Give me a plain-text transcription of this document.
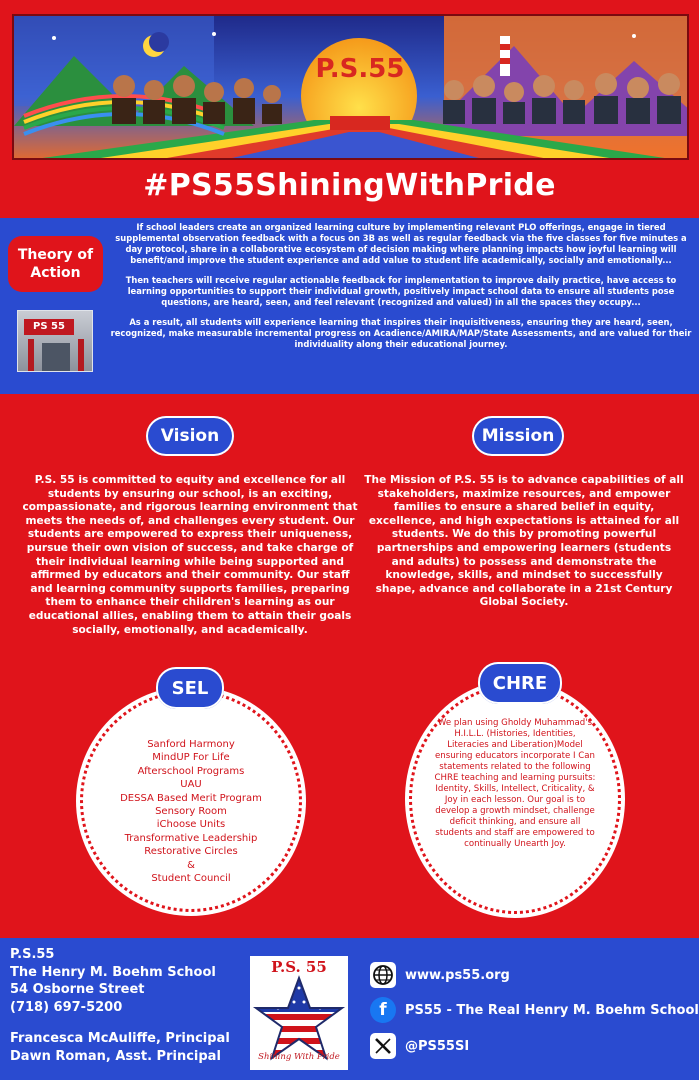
P.S.55
#PS55ShiningWithPride
Theory of Action
PS 55

If school leaders create an organized learning culture by implementing relevant PLO offerings, engage in tiered supplemental observation feedback with a focus on 3B as well as regular feedback via the five classes for five minutes a day protocol, share in a collaborative ecosystem of decision making where planning impacts how joyful learning will benefit/and improve the student experience and add value to student life academically, socially and emotionally...

Then teachers will receive regular actionable feedback for implementation to improve daily practice, have access to learning opportunities to support their individual growth, positively impact school data to ensure all students pose questions, are heard, seen, and feel relevant (recognized and valued) in all the spaces they occupy...

As a result, all students will experience learning that inspires their inquisitiveness, ensuring they are heard, seen, recognized, make measurable incremental progress on Acadience/AMIRA/MAP/State Assessments, and are valued for their individuality along their educational journey.

Vision	Mission
P.S. 55 is committed to equity and excellence for all students by ensuring our school, is an exciting, compassionate, and rigorous learning environment that meets the needs of, and challenges every student. Our students are empowered to express their uniqueness, pursue their own vision of success, and take charge of their individual learning while being supported and affirmed by educators and their community. Our staff and learning community supports families, preparing them to enhance their children's learning as our educational allies, enabling them to attain their goals socially, emotionally, and academically.
The Mission of P.S. 55 is to advance capabilities of all stakeholders, maximize resources, and empower families to ensure a shared belief in equity, excellence, and high expectations is attained for all students. We do this by promoting powerful partnerships and empowering learners (students and adults) to possess and demonstrate the knowledge, skills, and mindset to successfully shape, advance and collaborate in a 21st Century Global Society.
SEL	CHRE
Sanford Harmony
MindUP For Life
Afterschool Programs
UAU
DESSA Based Merit Program
Sensory Room
iChoose Units
Transformative Leadership
Restorative Circles
&
Student Council
We plan using Gholdy Muhammad's H.I.L.L. (Histories, Identities, Literacies and Liberation)Model ensuring educators incorporate I Can statements related to the following CHRE teaching and learning pursuits: Identity, Skills, Intellect, Criticality, & Joy in each lesson. Our goal is to develop a growth mindset, challenge deficit thinking, and ensure all students and staff are empowered to continually Unearth Joy.
P.S.55
The Henry M. Boehm School
54 Osborne Street
(718) 697-5200
Francesca McAuliffe, Principal
Dawn Roman, Asst. Principal
P.S. 55
Shining With Pride
www.ps55.org
f PS55 - The Real Henry M. Boehm School
@PS55SI
